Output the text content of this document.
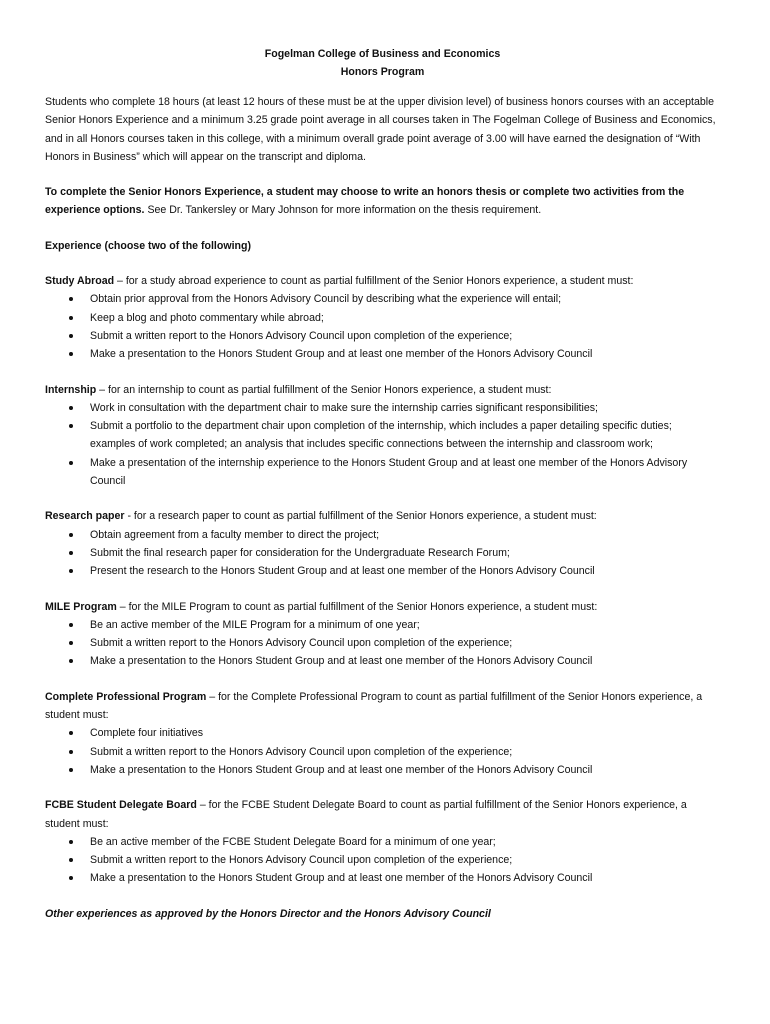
Fogelman College of Business and Economics
Honors Program

Students who complete 18 hours (at least 12 hours of these must be at the upper division level) of business honors courses with an acceptable Senior Honors Experience and a minimum 3.25 grade point average in all courses taken in The Fogelman College of Business and Economics, and in all Honors courses taken in this college, with a minimum overall grade point average of 3.00 will have earned the designation of “With Honors in Business” which will appear on the transcript and diploma.

To complete the Senior Honors Experience, a student may choose to write an honors thesis or complete two activities from the experience options. See Dr. Tankersley or Mary Johnson for more information on the thesis requirement.

Experience (choose two of the following)

Study Abroad – for a study abroad experience to count as partial fulfillment of the Senior Honors experience, a student must:

Obtain prior approval from the Honors Advisory Council by describing what the experience will entail;
Keep a blog and photo commentary while abroad;
Submit a written report to the Honors Advisory Council upon completion of the experience;
Make a presentation to the Honors Student Group and at least one member of the Honors Advisory Council

Internship – for an internship to count as partial fulfillment of the Senior Honors experience, a student must:

Work in consultation with the department chair to make sure the internship carries significant responsibilities;
Submit a portfolio to the department chair upon completion of the internship, which includes a paper detailing specific duties; examples of work completed; an analysis that includes specific connections between the internship and classroom work;
Make a presentation of the internship experience to the Honors Student Group and at least one member of the Honors Advisory Council

Research paper - for a research paper to count as partial fulfillment of the Senior Honors experience, a student must:

Obtain agreement from a faculty member to direct the project;
Submit the final research paper for consideration for the Undergraduate Research Forum;
Present the research to the Honors Student Group and at least one member of the Honors Advisory Council

MILE Program – for the MILE Program to count as partial fulfillment of the Senior Honors experience, a student must:

Be an active member of the MILE Program for a minimum of one year;
Submit a written report to the Honors Advisory Council upon completion of the experience;
Make a presentation to the Honors Student Group and at least one member of the Honors Advisory Council

Complete Professional Program – for the Complete Professional Program to count as partial fulfillment of the Senior Honors experience, a student must:

Complete four initiatives
Submit a written report to the Honors Advisory Council upon completion of the experience;
Make a presentation to the Honors Student Group and at least one member of the Honors Advisory Council

FCBE Student Delegate Board – for the FCBE Student Delegate Board to count as partial fulfillment of the Senior Honors experience, a student must:

Be an active member of the FCBE Student Delegate Board for a minimum of one year;
Submit a written report to the Honors Advisory Council upon completion of the experience;
Make a presentation to the Honors Student Group and at least one member of the Honors Advisory Council

Other experiences as approved by the Honors Director and the Honors Advisory Council
